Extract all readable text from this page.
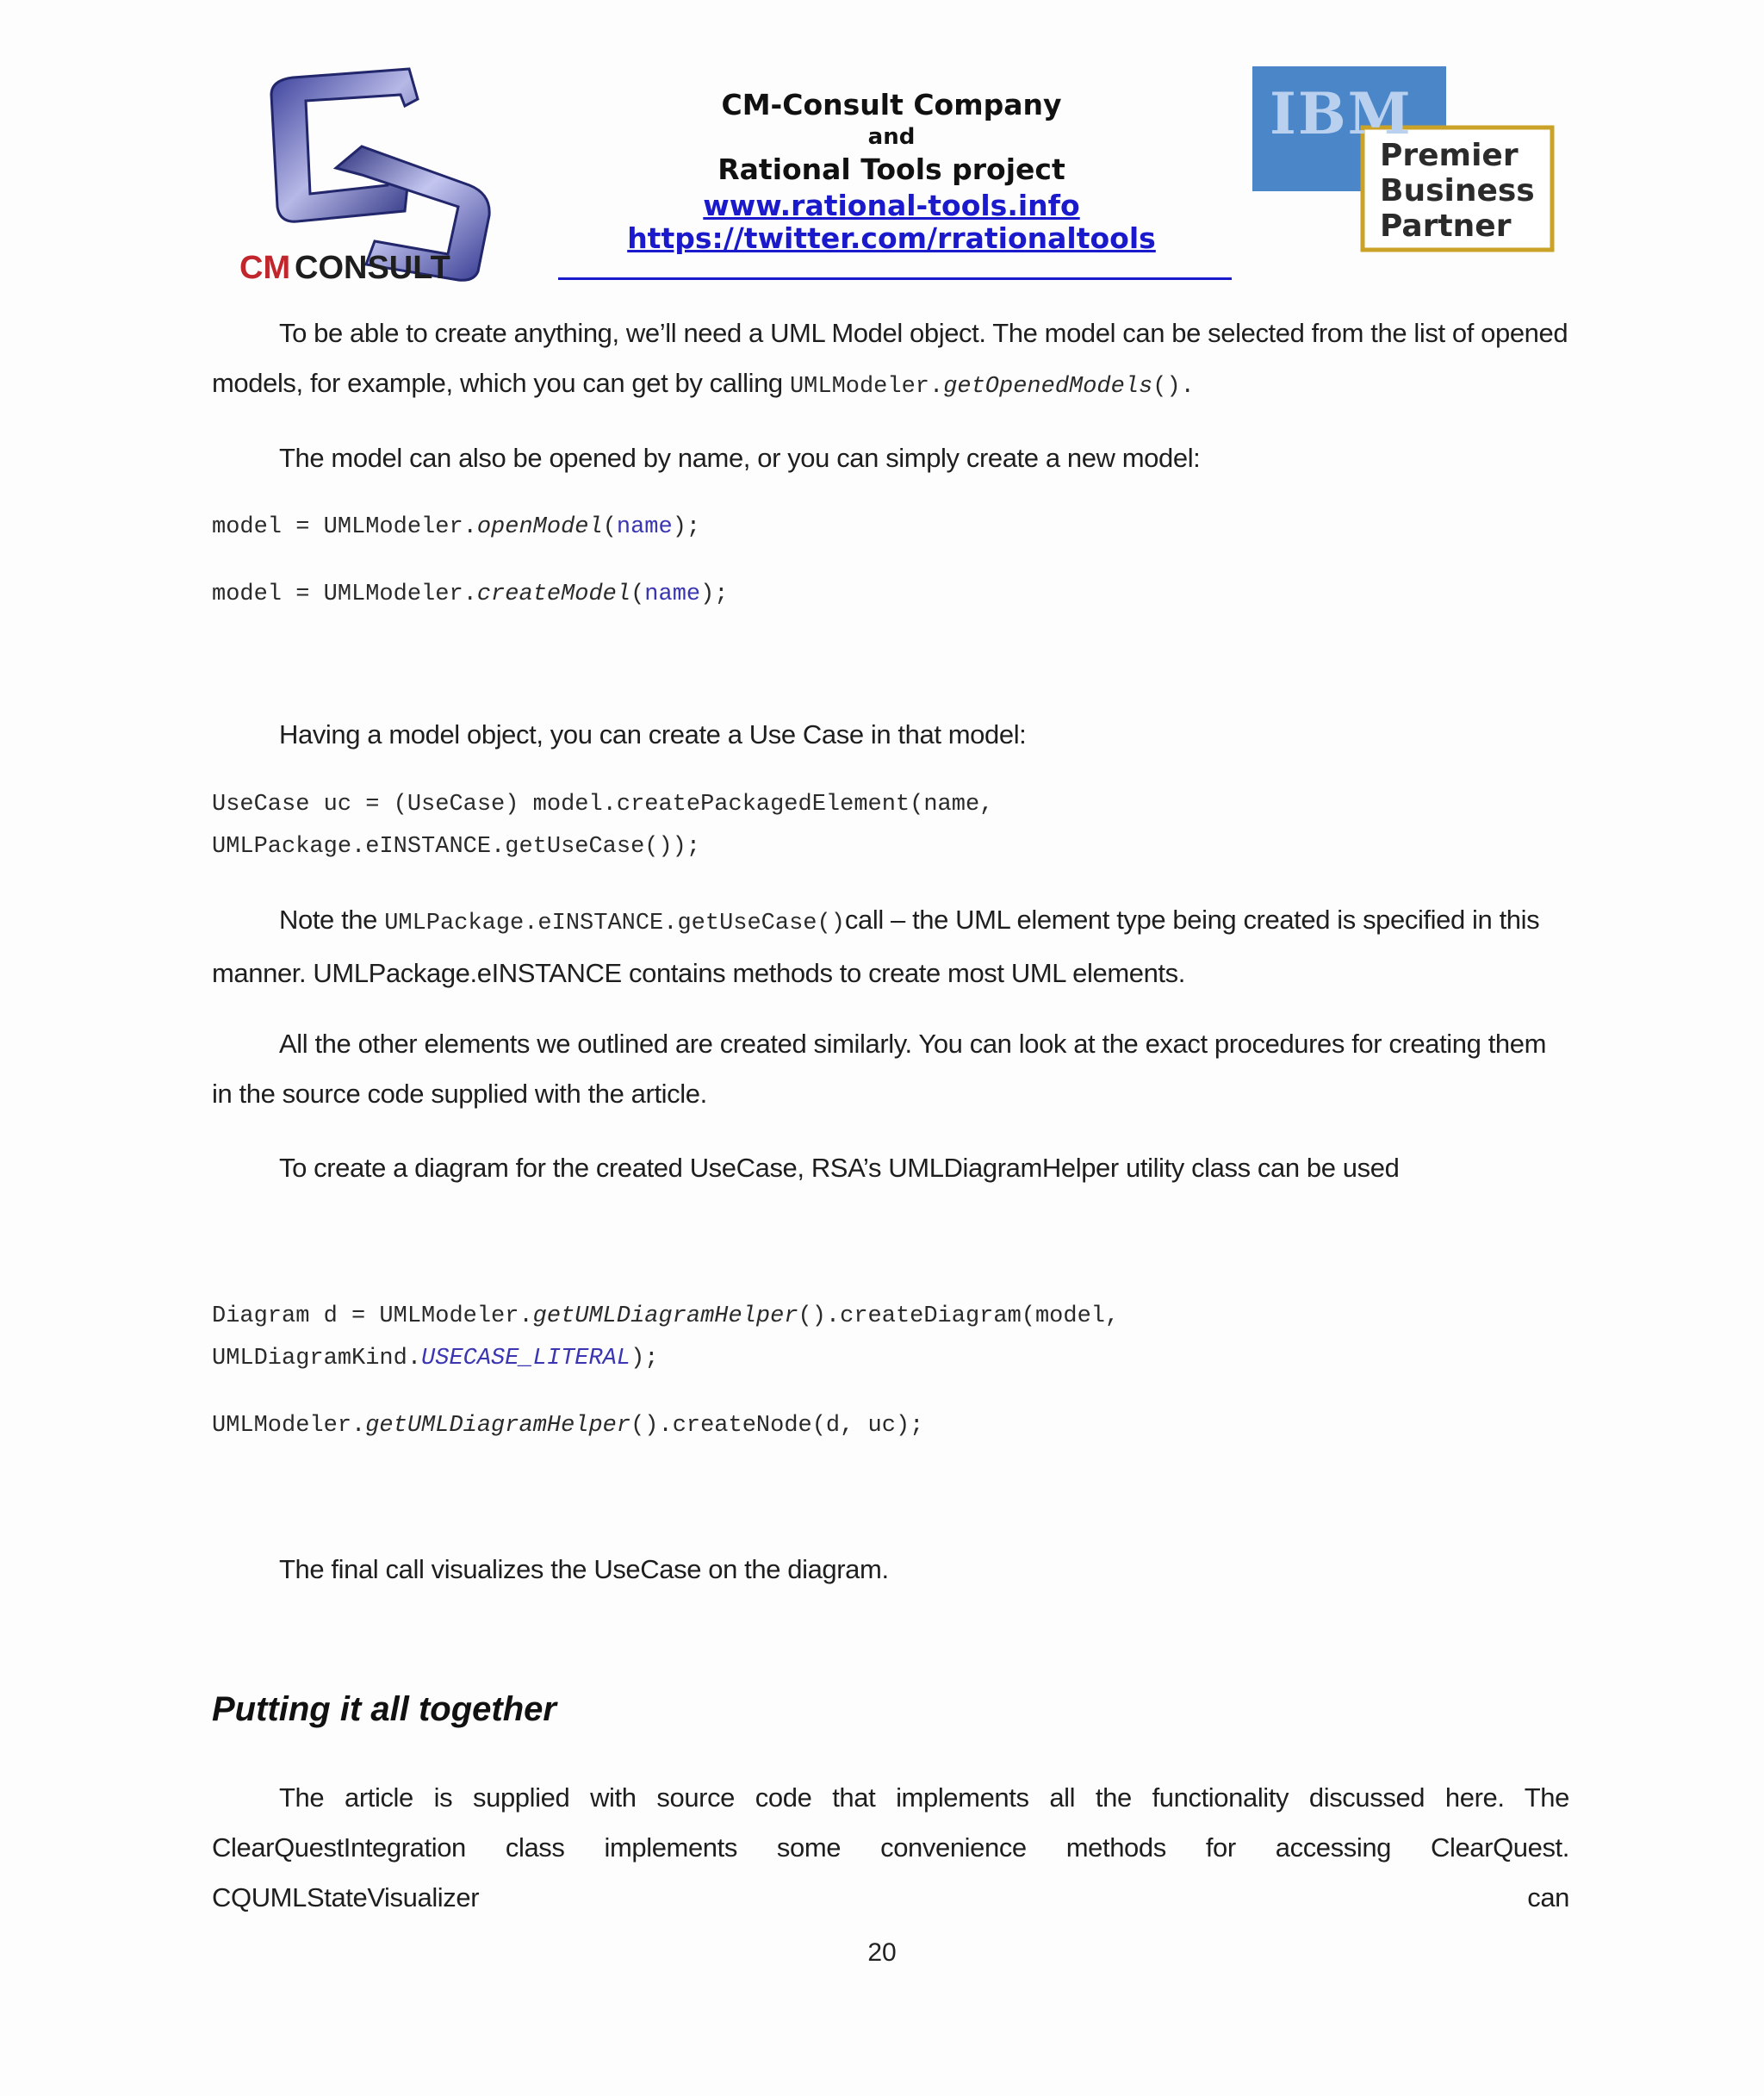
CM CONSULT
CM-Consult Company
and
Rational Tools project
www.rational-tools.info
https://twitter.com/rrationaltools
IBM
Premier
Business
Partner
To be able to create anything, we’ll need a UML Model object. The model can be selected from the list of opened models, for example, which you can get by calling UMLModeler.getOpenedModels().
The model can also be opened by name, or you can simply create a new model:
model = UMLModeler.openModel(name);
model = UMLModeler.createModel(name);
Having a model object, you can create a Use Case in that model:
UseCase uc = (UseCase) model.createPackagedElement(name,
UMLPackage.eINSTANCE.getUseCase());
Note the UMLPackage.eINSTANCE.getUseCase()call – the UML element type being created is specified in this manner. UMLPackage.eINSTANCE contains methods to create most UML elements.
All the other elements we outlined are created similarly. You can look at the exact procedures for creating them in the source code supplied with the article.
To create a diagram for the created UseCase, RSA’s UMLDiagramHelper utility class can be used
Diagram d = UMLModeler.getUMLDiagramHelper().createDiagram(model,
UMLDiagramKind.USECASE_LITERAL);
UMLModeler.getUMLDiagramHelper().createNode(d, uc);
The final call visualizes the UseCase on the diagram.
Putting it all together
The article is supplied with source code that implements all the functionality discussed here. The
ClearQuestIntegration class implements some convenience methods for accessing ClearQuest. CQUMLStateVisualizer can
20
